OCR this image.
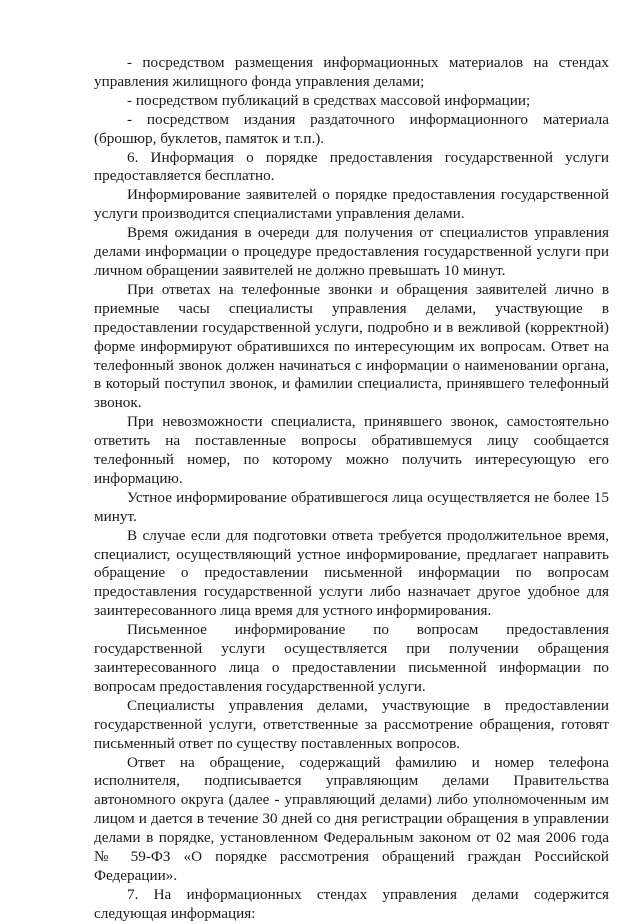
- посредством размещения информационных материалов на стендах управления жилищного фонда управления делами;

- посредством публикаций в средствах массовой информации;

- посредством издания раздаточного информационного материала (брошюр, буклетов, памяток и т.п.).

6. Информация о порядке предоставления государственной услуги предоставляется бесплатно.

Информирование заявителей о порядке предоставления государственной услуги производится специалистами управления делами.

Время ожидания в очереди для получения от специалистов управления делами информации о процедуре предоставления государственной услуги при личном обращении заявителей не должно превышать 10 минут.

При ответах на телефонные звонки и обращения заявителей лично в приемные часы специалисты управления делами, участвующие в предоставлении государственной услуги, подробно и в вежливой (корректной) форме информируют обратившихся по интересующим их вопросам. Ответ на телефонный звонок должен начинаться с информации о наименовании органа, в который поступил звонок, и фамилии специалиста, принявшего телефонный звонок.

При невозможности специалиста, принявшего звонок, самостоятельно ответить на поставленные вопросы обратившемуся лицу сообщается телефонный номер, по которому можно получить интересующую его информацию.

Устное информирование обратившегося лица осуществляется не более 15 минут.

В случае если для подготовки ответа требуется продолжительное время, специалист, осуществляющий устное информирование, предлагает направить обращение о предоставлении письменной информации по вопросам предоставления государственной услуги либо назначает другое удобное для заинтересованного лица время для устного информирования.

Письменное информирование по вопросам предоставления государственной услуги осуществляется при получении обращения заинтересованного лица о предоставлении письменной информации по вопросам предоставления государственной услуги.

Специалисты управления делами, участвующие в предоставлении государственной услуги, ответственные за рассмотрение обращения, готовят письменный ответ по существу поставленных вопросов.

Ответ на обращение, содержащий фамилию и номер телефона исполнителя, подписывается управляющим делами Правительства автономного округа (далее - управляющий делами) либо уполномоченным им лицом и дается в течение 30 дней со дня регистрации обращения в управлении делами в порядке, установленном Федеральным законом от 02 мая 2006 года № 59-ФЗ «О порядке рассмотрения обращений граждан Российской Федерации».

7. На информационных стендах управления делами содержится следующая информация:
